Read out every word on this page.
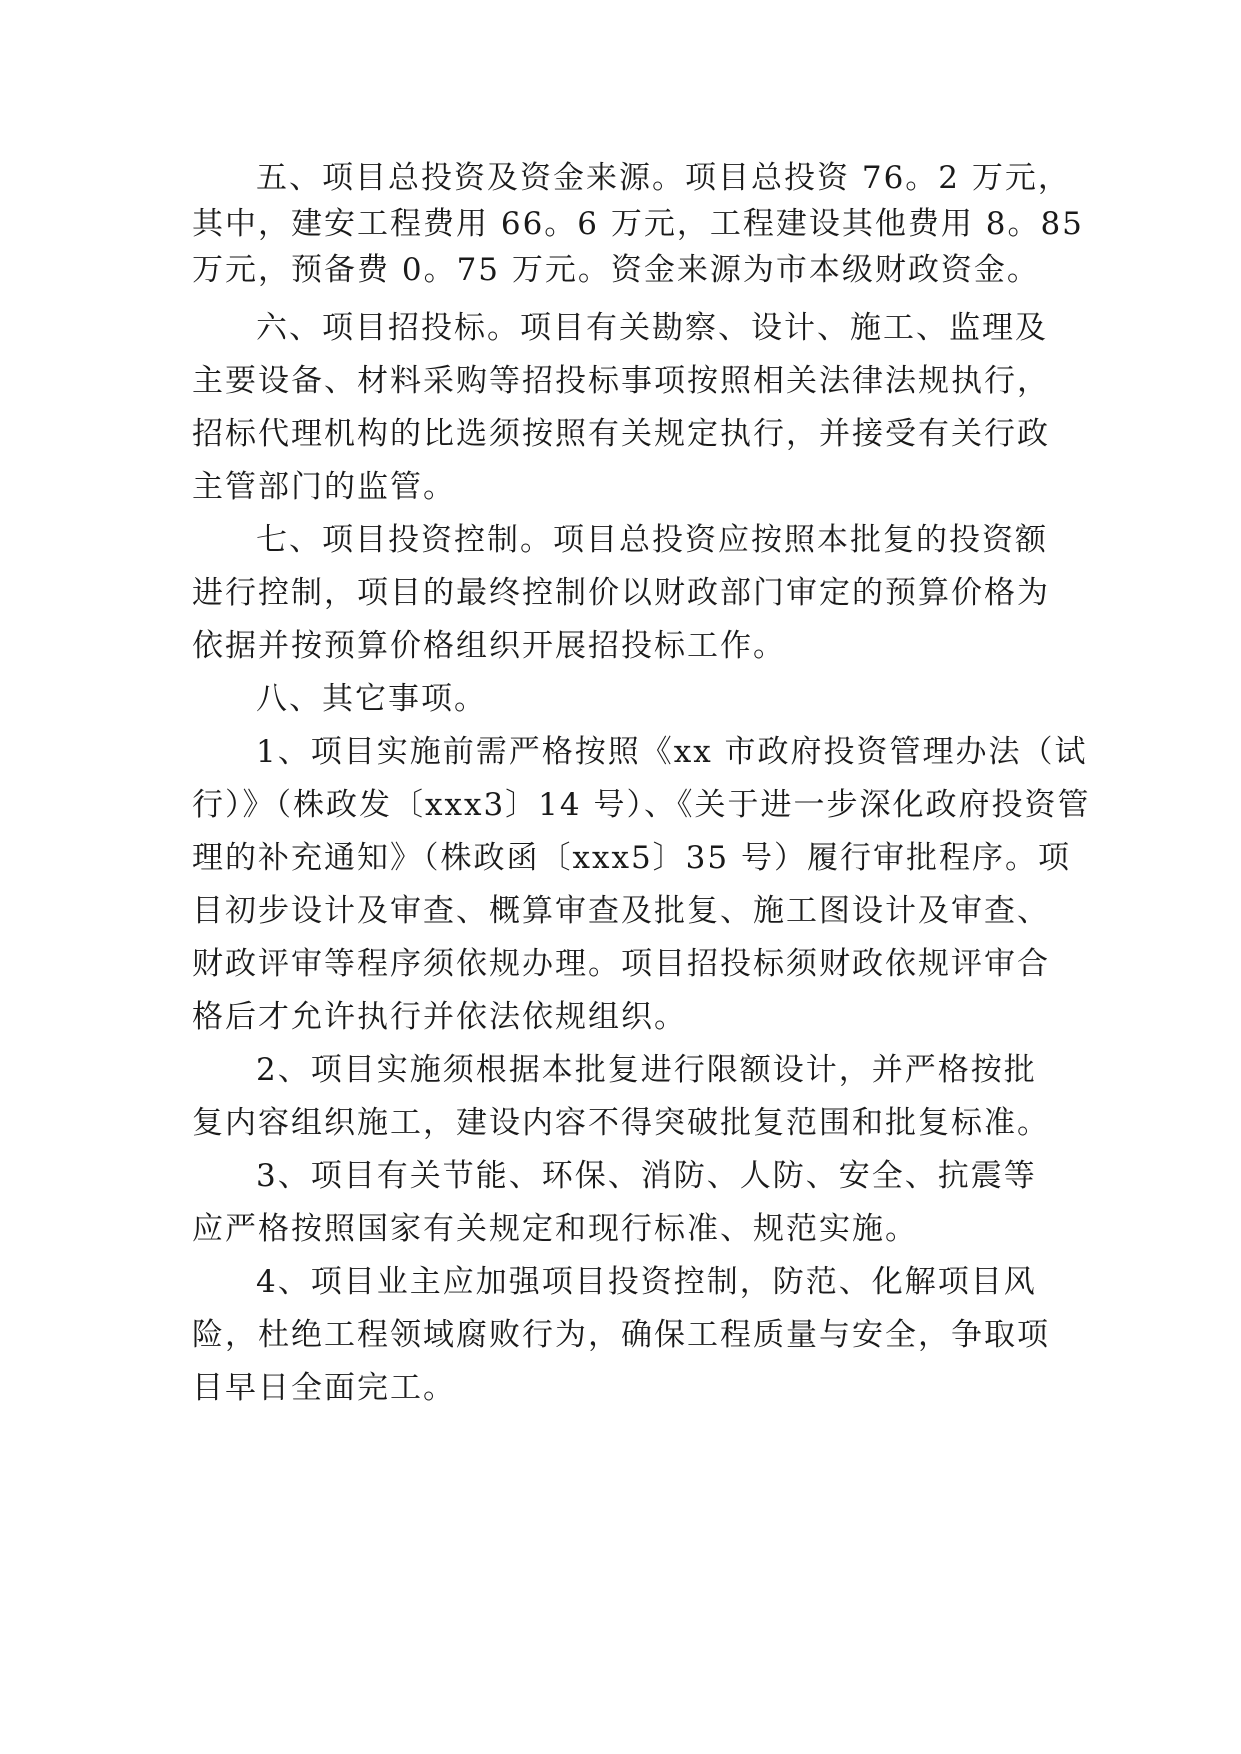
五、项目总投资及资金来源。项目总投资 76。2 万元，
其中，建安工程费用 66。6 万元，工程建设其他费用 8。85
万元，预备费 0。75 万元。资金来源为市本级财政资金。
六、项目招投标。项目有关勘察、设计、施工、监理及
主要设备、材料采购等招投标事项按照相关法律法规执行，
招标代理机构的比选须按照有关规定执行，并接受有关行政
主管部门的监管。
七、项目投资控制。项目总投资应按照本批复的投资额
进行控制，项目的最终控制价以财政部门审定的预算价格为
依据并按预算价格组织开展招投标工作。
八、其它事项。
1、项目实施前需严格按照《xx 市政府投资管理办法（试
行）》（株政发〔xxx3〕14 号）、《关于进一步深化政府投资管
理的补充通知》（株政函〔xxx5〕35 号）履行审批程序。项
目初步设计及审查、概算审查及批复、施工图设计及审查、
财政评审等程序须依规办理。项目招投标须财政依规评审合
格后才允许执行并依法依规组织。
2、项目实施须根据本批复进行限额设计，并严格按批
复内容组织施工，建设内容不得突破批复范围和批复标准。
3、项目有关节能、环保、消防、人防、安全、抗震等
应严格按照国家有关规定和现行标准、规范实施。
4、项目业主应加强项目投资控制，防范、化解项目风
险，杜绝工程领域腐败行为，确保工程质量与安全，争取项
目早日全面完工。
